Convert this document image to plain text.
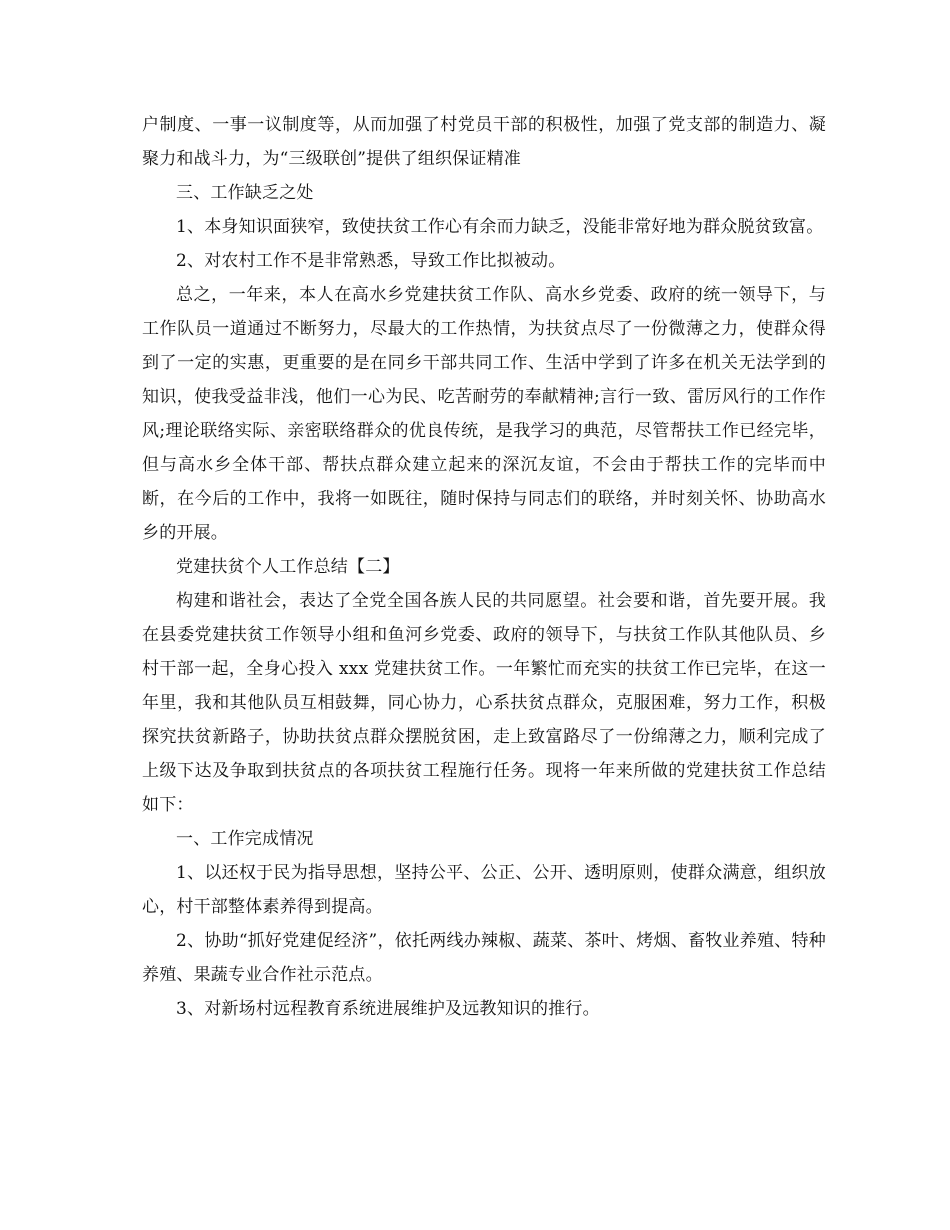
户制度、一事一议制度等，从而加强了村党员干部的积极性，加强了党支部的制造力、凝聚力和战斗力，为“三级联创”提供了组织保证精准

三、工作缺乏之处

1、本身知识面狭窄，致使扶贫工作心有余而力缺乏，没能非常好地为群众脱贫致富。

2、对农村工作不是非常熟悉，导致工作比拟被动。

总之，一年来，本人在高水乡党建扶贫工作队、高水乡党委、政府的统一领导下，与工作队员一道通过不断努力，尽最大的工作热情，为扶贫点尽了一份微薄之力，使群众得到了一定的实惠，更重要的是在同乡干部共同工作、生活中学到了许多在机关无法学到的知识，使我受益非浅，他们一心为民、吃苦耐劳的奉献精神;言行一致、雷厉风行的工作作风;理论联络实际、亲密联络群众的优良传统，是我学习的典范，尽管帮扶工作已经完毕，但与高水乡全体干部、帮扶点群众建立起来的深沉友谊，不会由于帮扶工作的完毕而中断，在今后的工作中，我将一如既往，随时保持与同志们的联络，并时刻关怀、协助高水乡的开展。

党建扶贫个人工作总结【二】

构建和谐社会，表达了全党全国各族人民的共同愿望。社会要和谐，首先要开展。我在县委党建扶贫工作领导小组和鱼河乡党委、政府的领导下，与扶贫工作队其他队员、乡村干部一起，全身心投入 xxx 党建扶贫工作。一年繁忙而充实的扶贫工作已完毕，在这一年里，我和其他队员互相鼓舞，同心协力，心系扶贫点群众，克服困难，努力工作，积极探究扶贫新路子，协助扶贫点群众摆脱贫困，走上致富路尽了一份绵薄之力，顺利完成了上级下达及争取到扶贫点的各项扶贫工程施行任务。现将一年来所做的党建扶贫工作总结如下：

一、工作完成情况

1、以还权于民为指导思想，坚持公平、公正、公开、透明原则，使群众满意，组织放心，村干部整体素养得到提高。

2、协助“抓好党建促经济”，依托两线办辣椒、蔬菜、茶叶、烤烟、畜牧业养殖、特种养殖、果蔬专业合作社示范点。

3、对新场村远程教育系统进展维护及远教知识的推行。
